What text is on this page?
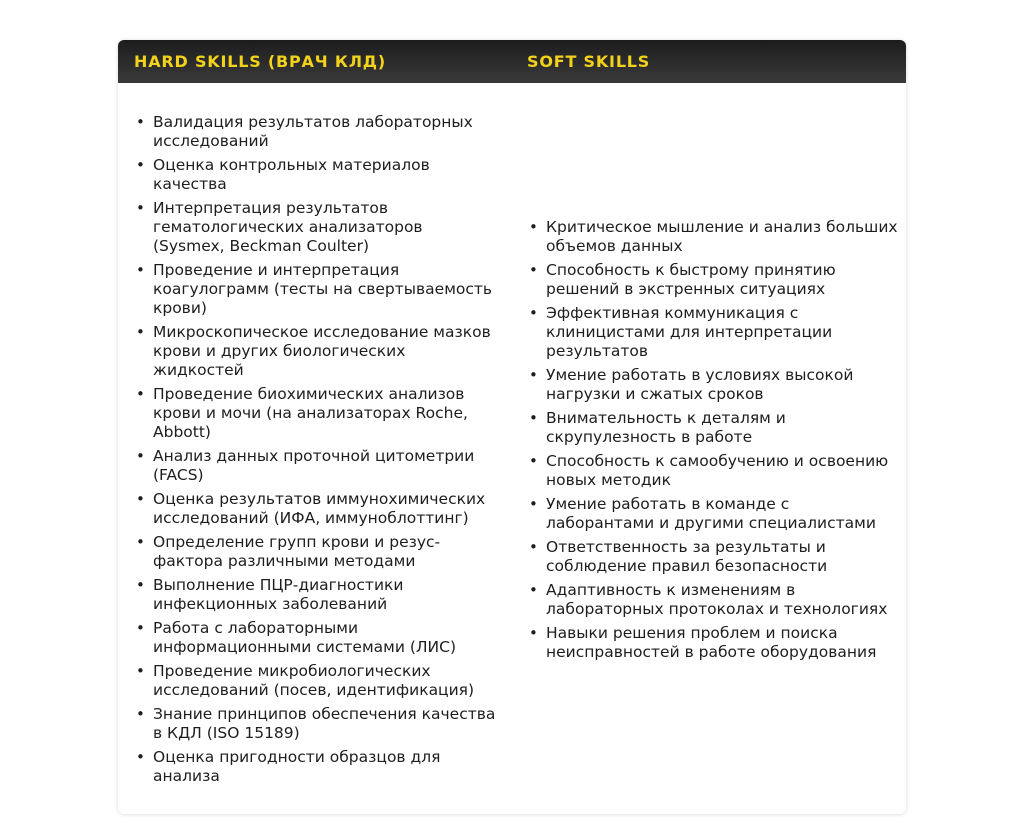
HARD SKILLS (ВРАЧ КЛД)	SOFT SKILLS
• Валидация результатов лабораторных исследований
• Оценка контрольных материалов качества
• Интерпретация результатов гематологических анализаторов (Sysmex, Beckman Coulter)
• Проведение и интерпретация коагулограмм (тесты на свертываемость крови)
• Микроскопическое исследование мазков крови и других биологических жидкостей
• Проведение биохимических анализов крови и мочи (на анализаторах Roche, Abbott)
• Анализ данных проточной цитометрии (FACS)
• Оценка результатов иммунохимических исследований (ИФА, иммуноблоттинг)
• Определение групп крови и резус-фактора различными методами
• Выполнение ПЦР-диагностики инфекционных заболеваний
• Работа с лабораторными информационными системами (ЛИС)
• Проведение микробиологических исследований (посев, идентификация)
• Знание принципов обеспечения качества в КДЛ (ISO 15189)
• Оценка пригодности образцов для анализа
• Критическое мышление и анализ больших объемов данных
• Способность к быстрому принятию решений в экстренных ситуациях
• Эффективная коммуникация с клиницистами для интерпретации результатов
• Умение работать в условиях высокой нагрузки и сжатых сроков
• Внимательность к деталям и скрупулезность в работе
• Способность к самообучению и освоению новых методик
• Умение работать в команде с лаборантами и другими специалистами
• Ответственность за результаты и соблюдение правил безопасности
• Адаптивность к изменениям в лабораторных протоколах и технологиях
• Навыки решения проблем и поиска неисправностей в работе оборудования
